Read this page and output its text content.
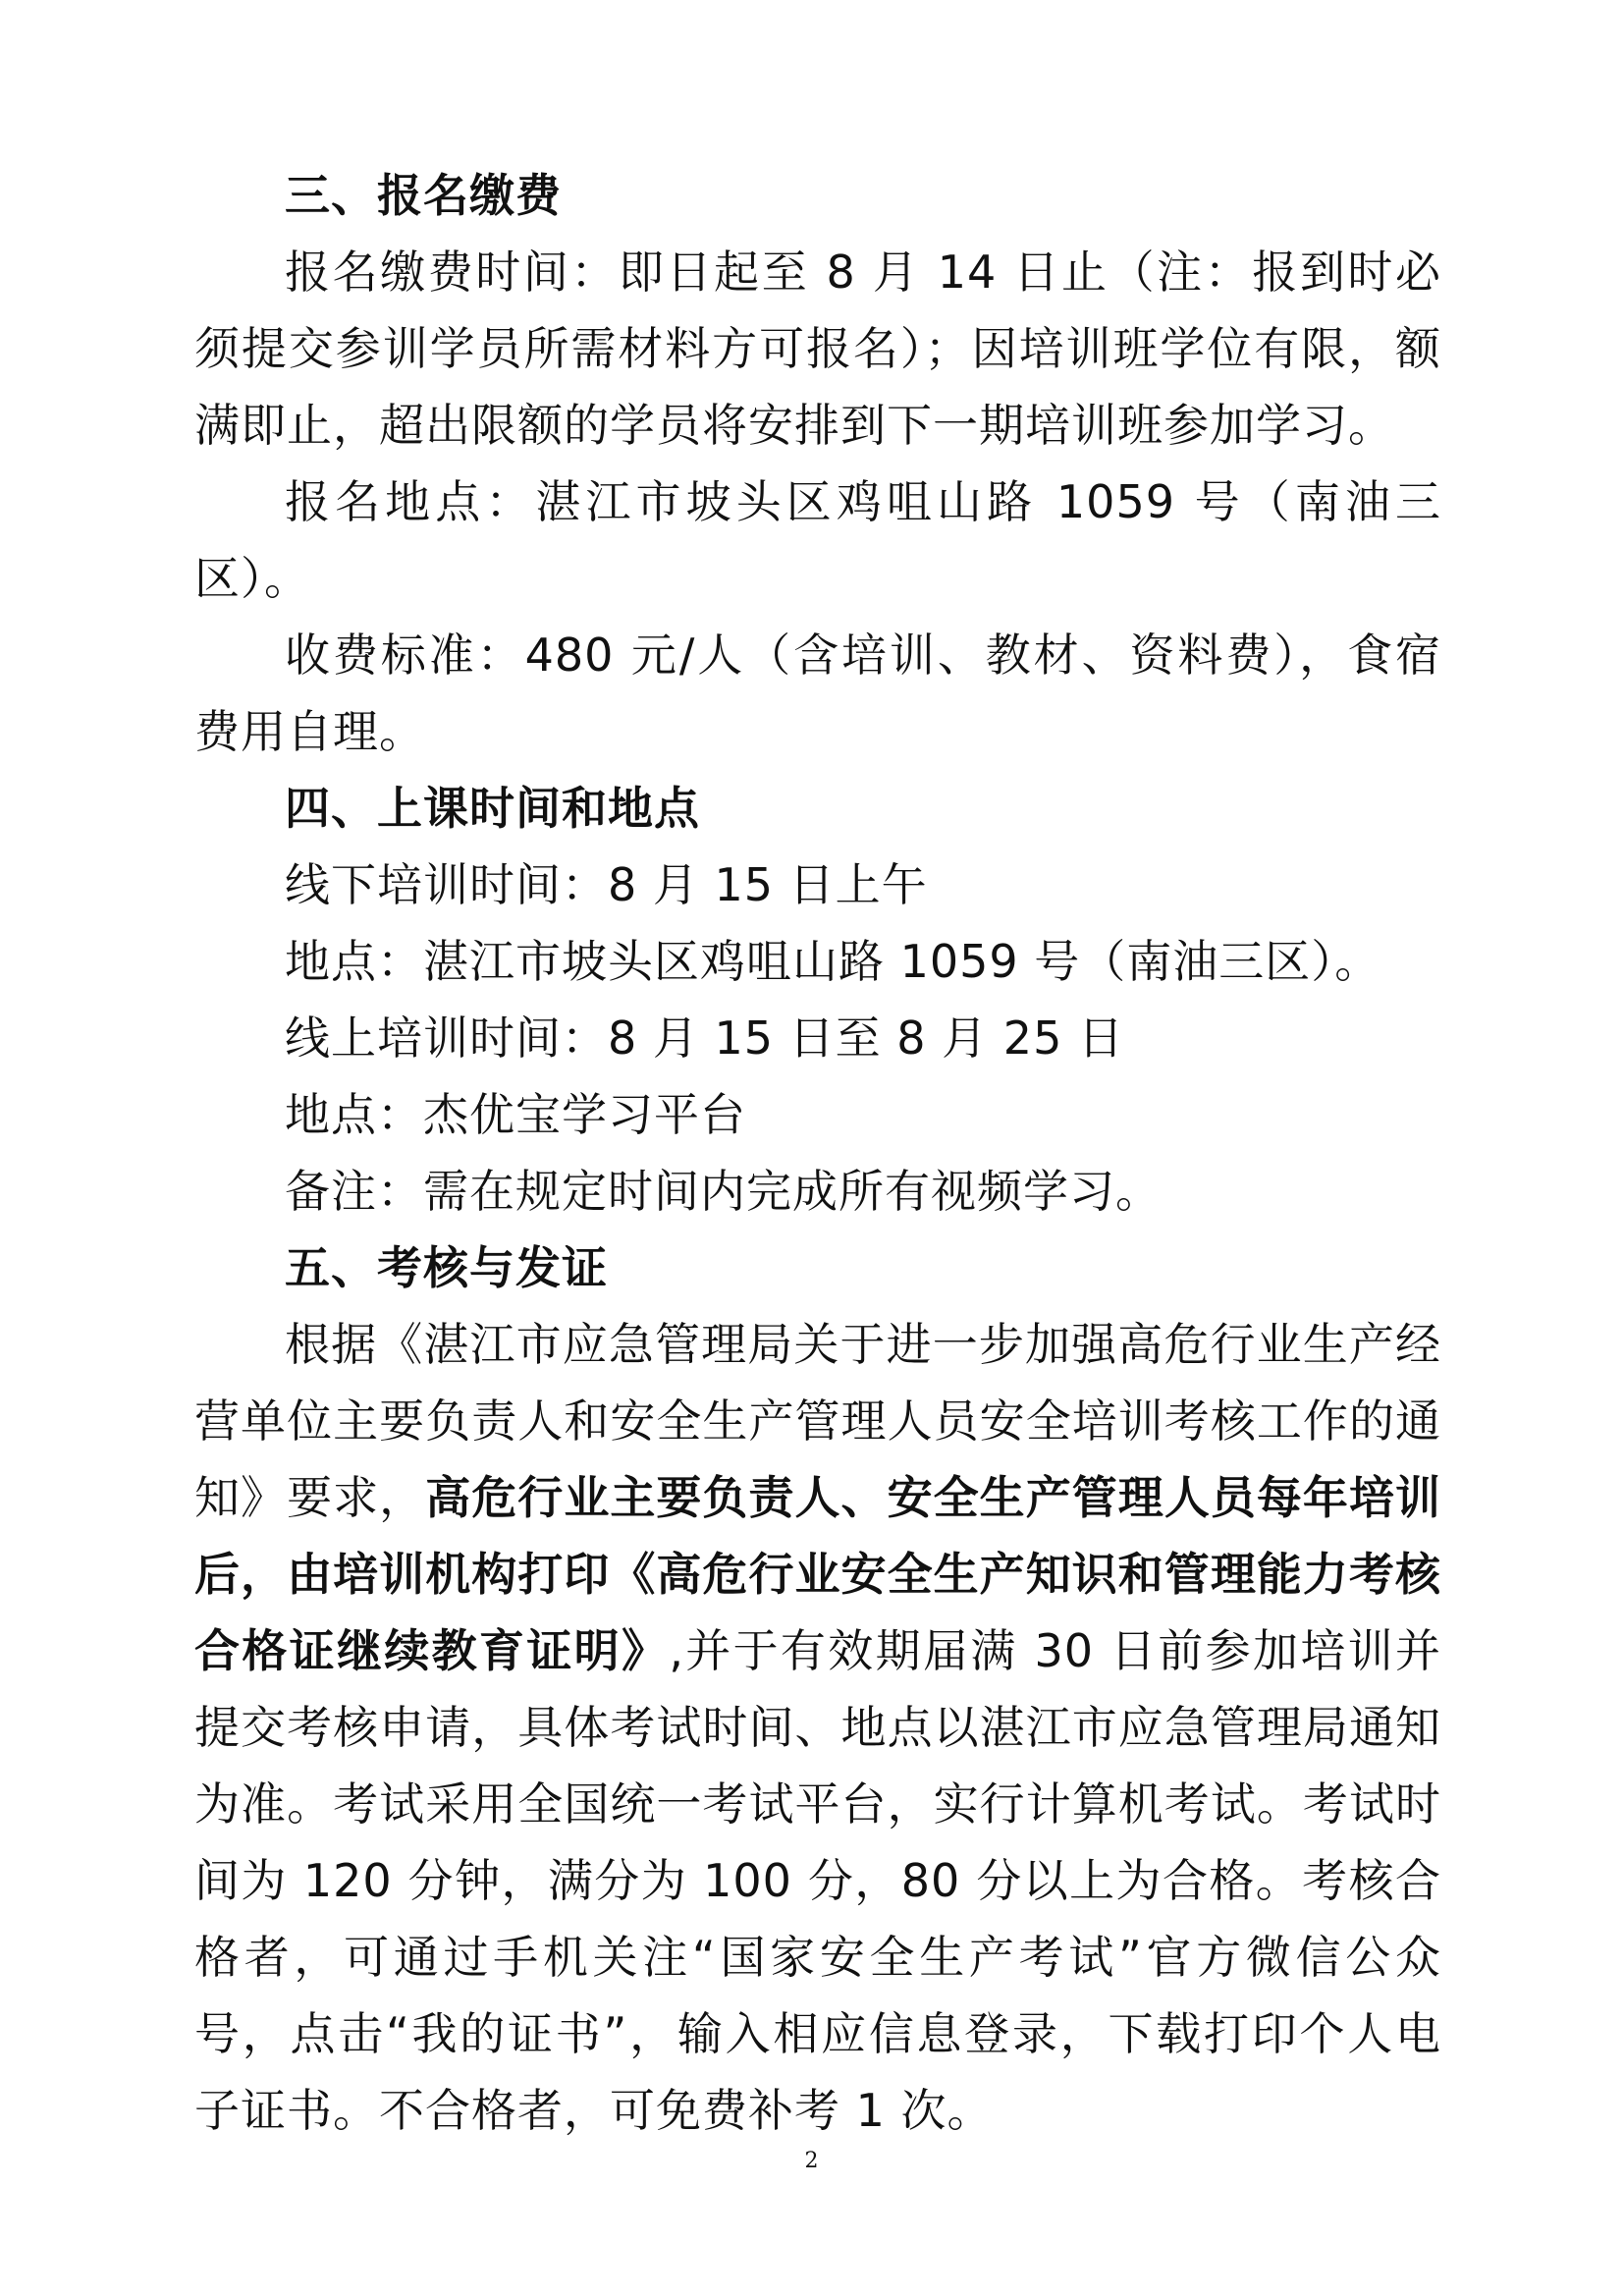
三、报名缴费

报名缴费时间：即日起至 8 月 14 日止（注：报到时必须提交参训学员所需材料方可报名）；因培训班学位有限，额满即止，超出限额的学员将安排到下一期培训班参加学习。

报名地点：湛江市坡头区鸡咀山路 1059 号（南油三区）。

收费标准：480 元/人（含培训、教材、资料费），食宿费用自理。

四、上课时间和地点

线下培训时间：8 月 15 日上午

地点：湛江市坡头区鸡咀山路 1059 号（南油三区）。

线上培训时间：8 月 15 日至 8 月 25 日

地点：杰优宝学习平台

备注：需在规定时间内完成所有视频学习。

五、考核与发证

根据《湛江市应急管理局关于进一步加强高危行业生产经营单位主要负责人和安全生产管理人员安全培训考核工作的通知》要求，高危行业主要负责人、安全生产管理人员每年培训后，由培训机构打印《高危行业安全生产知识和管理能力考核合格证继续教育证明》,并于有效期届满 30 日前参加培训并提交考核申请，具体考试时间、地点以湛江市应急管理局通知为准。考试采用全国统一考试平台，实行计算机考试。考试时间为 120 分钟，满分为 100 分，80 分以上为合格。考核合格者，可通过手机关注“国家安全生产考试”官方微信公众号，点击“我的证书”，输入相应信息登录，下载打印个人电子证书。不合格者，可免费补考 1 次。

2
